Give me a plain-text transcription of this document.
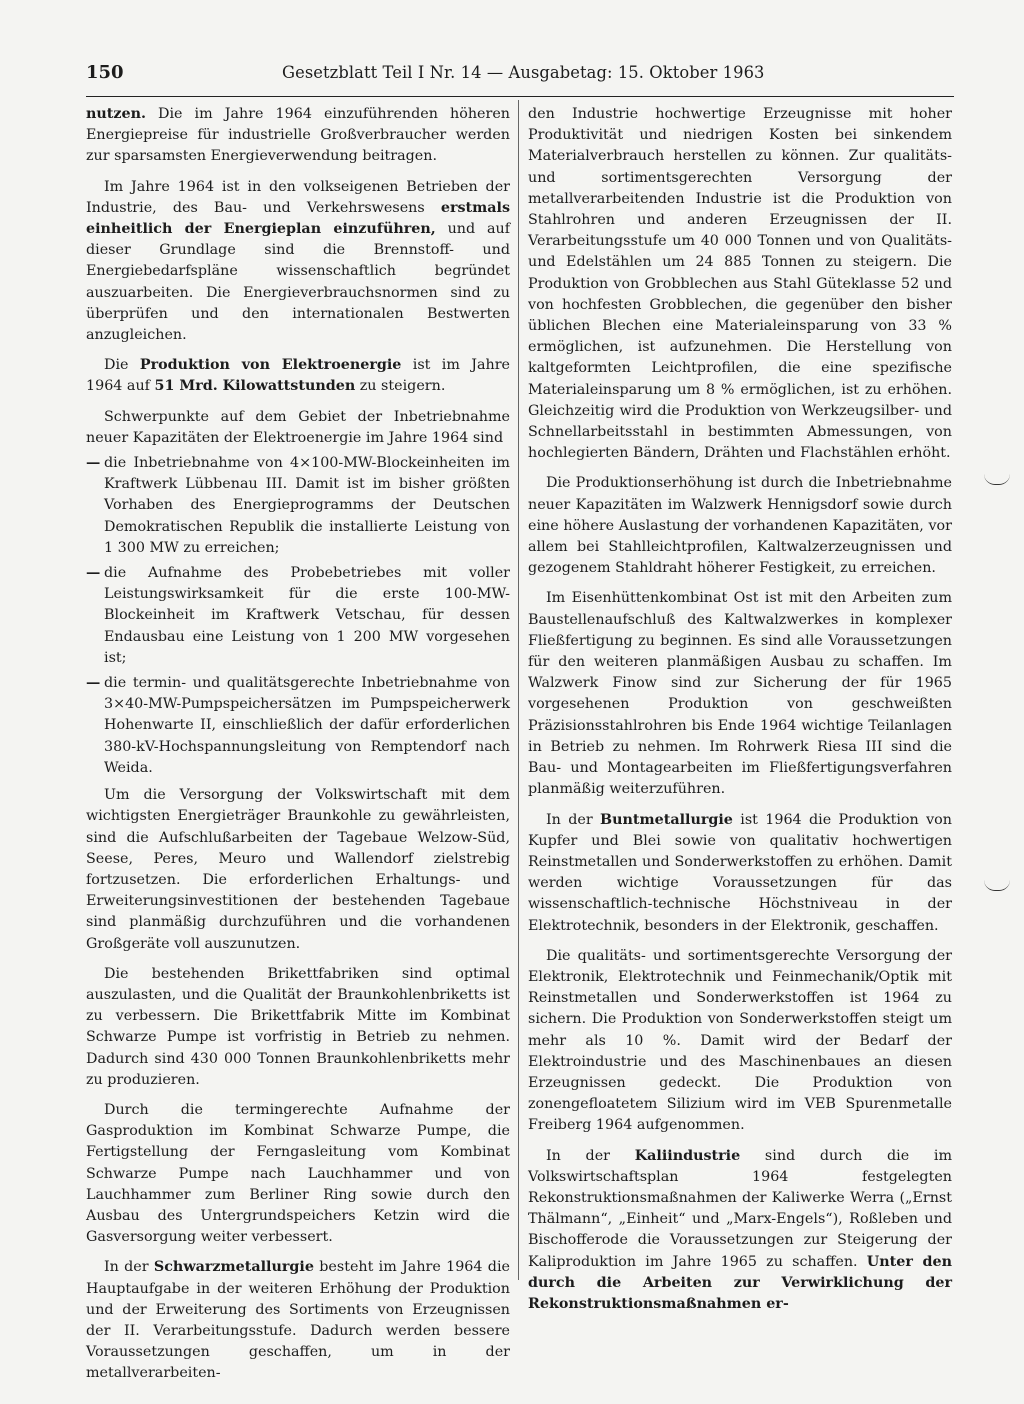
150	Gesetzblatt Teil I Nr. 14 — Ausgabetag: 15. Oktober 1963

nutzen. Die im Jahre 1964 einzuführenden höheren Energiepreise für industrielle Großverbraucher werden zur sparsamsten Energieverwendung beitragen.

Im Jahre 1964 ist in den volkseigenen Betrieben der Industrie, des Bau- und Verkehrswesens erstmals einheitlich der Energieplan einzuführen, und auf dieser Grundlage sind die Brennstoff- und Energiebedarfspläne wissenschaftlich begründet auszuarbeiten. Die Energieverbrauchsnormen sind zu überprüfen und den internationalen Bestwerten anzugleichen.

Die Produktion von Elektroenergie ist im Jahre 1964 auf 51 Mrd. Kilowattstunden zu steigern.

Schwerpunkte auf dem Gebiet der Inbetriebnahme neuer Kapazitäten der Elektroenergie im Jahre 1964 sind

— die Inbetriebnahme von 4×100-MW-Blockeinheiten im Kraftwerk Lübbenau III. Damit ist im bisher größten Vorhaben des Energieprogramms der Deutschen Demokratischen Republik die installierte Leistung von 1 300 MW zu erreichen;
— die Aufnahme des Probebetriebes mit voller Leistungswirksamkeit für die erste 100-MW-Blockeinheit im Kraftwerk Vetschau, für dessen Endausbau eine Leistung von 1 200 MW vorgesehen ist;
— die termin- und qualitätsgerechte Inbetriebnahme von 3×40-MW-Pumpspeichersätzen im Pumpspeicherwerk Hohenwarte II, einschließlich der dafür erforderlichen 380-kV-Hochspannungsleitung von Remptendorf nach Weida.

Um die Versorgung der Volkswirtschaft mit dem wichtigsten Energieträger Braunkohle zu gewährleisten, sind die Aufschlußarbeiten der Tagebaue Welzow-Süd, Seese, Peres, Meuro und Wallendorf zielstrebig fortzusetzen. Die erforderlichen Erhaltungs- und Erweiterungsinvestitionen der bestehenden Tagebaue sind planmäßig durchzuführen und die vorhandenen Großgeräte voll auszunutzen.

Die bestehenden Brikettfabriken sind optimal auszulasten, und die Qualität der Braunkohlenbriketts ist zu verbessern. Die Brikettfabrik Mitte im Kombinat Schwarze Pumpe ist vorfristig in Betrieb zu nehmen. Dadurch sind 430 000 Tonnen Braunkohlenbriketts mehr zu produzieren.

Durch die termingerechte Aufnahme der Gasproduktion im Kombinat Schwarze Pumpe, die Fertigstellung der Ferngasleitung vom Kombinat Schwarze Pumpe nach Lauchhammer und von Lauchhammer zum Berliner Ring sowie durch den Ausbau des Untergrundspeichers Ketzin wird die Gasversorgung weiter verbessert.

In der Schwarzmetallurgie besteht im Jahre 1964 die Hauptaufgabe in der weiteren Erhöhung der Produktion und der Erweiterung des Sortiments von Erzeugnissen der II. Verarbeitungsstufe. Dadurch werden bessere Voraussetzungen geschaffen, um in der metallverarbeiten-

den Industrie hochwertige Erzeugnisse mit hoher Produktivität und niedrigen Kosten bei sinkendem Materialverbrauch herstellen zu können. Zur qualitäts- und sortimentsgerechten Versorgung der metallverarbeitenden Industrie ist die Produktion von Stahlrohren und anderen Erzeugnissen der II. Verarbeitungsstufe um 40 000 Tonnen und von Qualitäts- und Edelstählen um 24 885 Tonnen zu steigern. Die Produktion von Grobblechen aus Stahl Güteklasse 52 und von hochfesten Grobblechen, die gegenüber den bisher üblichen Blechen eine Materialeinsparung von 33 % ermöglichen, ist aufzunehmen. Die Herstellung von kaltgeformten Leichtprofilen, die eine spezifische Materialeinsparung um 8 % ermöglichen, ist zu erhöhen. Gleichzeitig wird die Produktion von Werkzeugsilber- und Schnellarbeitsstahl in bestimmten Abmessungen, von hochlegierten Bändern, Drähten und Flachstählen erhöht.

Die Produktionserhöhung ist durch die Inbetriebnahme neuer Kapazitäten im Walzwerk Hennigsdorf sowie durch eine höhere Auslastung der vorhandenen Kapazitäten, vor allem bei Stahlleichtprofilen, Kaltwalzerzeugnissen und gezogenem Stahldraht höherer Festigkeit, zu erreichen.

Im Eisenhüttenkombinat Ost ist mit den Arbeiten zum Baustellenaufschluß des Kaltwalzwerkes in komplexer Fließfertigung zu beginnen. Es sind alle Voraussetzungen für den weiteren planmäßigen Ausbau zu schaffen. Im Walzwerk Finow sind zur Sicherung der für 1965 vorgesehenen Produktion von geschweißten Präzisionsstahlrohren bis Ende 1964 wichtige Teilanlagen in Betrieb zu nehmen. Im Rohrwerk Riesa III sind die Bau- und Montagearbeiten im Fließfertigungsverfahren planmäßig weiterzuführen.

In der Buntmetallurgie ist 1964 die Produktion von Kupfer und Blei sowie von qualitativ hochwertigen Reinstmetallen und Sonderwerkstoffen zu erhöhen. Damit werden wichtige Voraussetzungen für das wissenschaftlich-technische Höchstniveau in der Elektrotechnik, besonders in der Elektronik, geschaffen.

Die qualitäts- und sortimentsgerechte Versorgung der Elektronik, Elektrotechnik und Feinmechanik/Optik mit Reinstmetallen und Sonderwerkstoffen ist 1964 zu sichern. Die Produktion von Sonderwerkstoffen steigt um mehr als 10 %. Damit wird der Bedarf der Elektroindustrie und des Maschinenbaues an diesen Erzeugnissen gedeckt. Die Produktion von zonengefloatetem Silizium wird im VEB Spurenmetalle Freiberg 1964 aufgenommen.

In der Kaliindustrie sind durch die im Volkswirtschaftsplan 1964 festgelegten Rekonstruktionsmaßnahmen der Kaliwerke Werra („Ernst Thälmann“, „Einheit“ und „Marx-Engels“), Roßleben und Bischofferode die Voraussetzungen zur Steigerung der Kaliproduktion im Jahre 1965 zu schaffen. Unter den durch die Arbeiten zur Verwirklichung der Rekonstruktionsmaßnahmen er-
